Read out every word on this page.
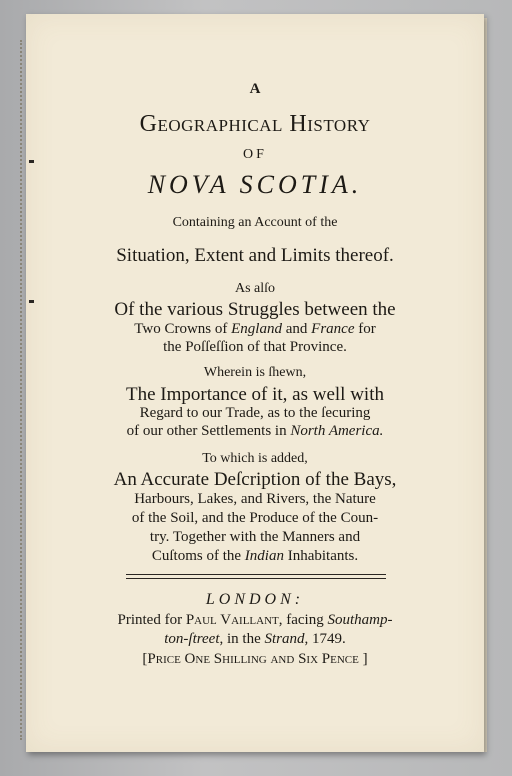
A
Geographical History
OF
NOVA SCOTIA.
Containing an Account of the
Situation, Extent and Limits thereof.
As alſo
Of the various Struggles between the
Two Crowns of England and France for
the Poſſeſſion of that Province.
Wherein is ſhewn,
The Importance of it, as well with
Regard to our Trade, as to the ſecuring
of our other Settlements in North America.
To which is added,
An Accurate Deſcription of the Bays,
Harbours, Lakes, and Rivers, the Nature
of the Soil, and the Produce of the Coun-
try. Together with the Manners and
Cuſtoms of the Indian Inhabitants.
LONDON:
Printed for Paul Vaillant, facing Southamp-
ton-ſtreet, in the Strand, 1749.
[Price One Shilling and Six Pence ]
